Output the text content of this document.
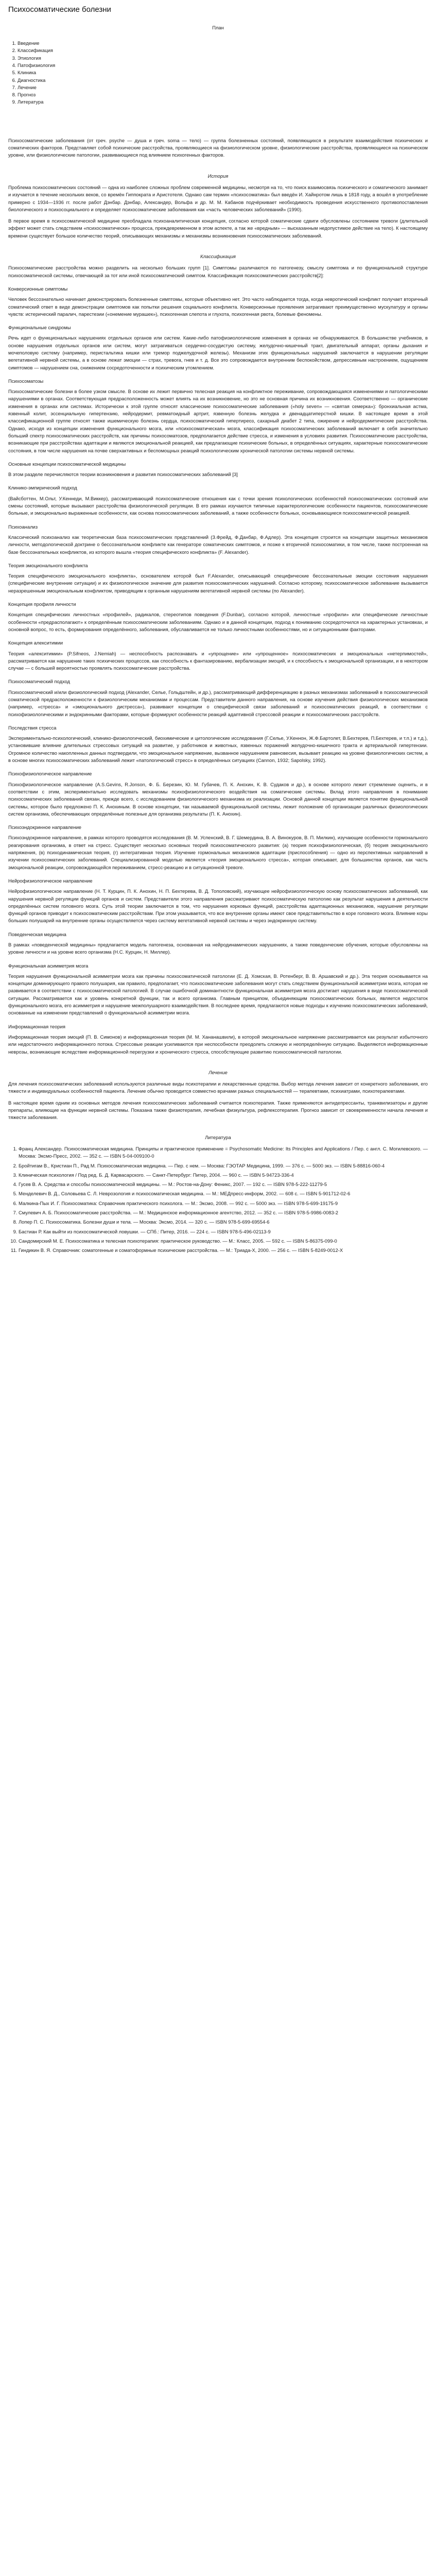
Психосоматические болезни
План
1. Введение
2. Классификация
3. Этиология
4. Патофизиология
5. Клиника
6. Диагностика
7. Лечение
8. Прогноз
9. Литература

Психосоматические заболевания (от греч. psyche — душа и греч. soma — тело) — группа болезненных состояний, появляющихся в результате взаимодействия психических и соматических факторов. Представляет собой психические расстройства, проявляющиеся на физиологическом уровне, физиологические расстройства, проявляющиеся на психическом уровне, или физиологические патологии, развивающиеся под влиянием психогенных факторов.

История

Проблема психосоматических состояний — одна из наиболее сложных проблем современной медицины, несмотря на то, что поиск взаимосвязь психического и соматического занимает и изучается в течение нескольких веков, со времён Гиппократа и Аристотеля. Однако сам термин «психосоматика» был введён И. Хайнротом лишь в 1818 году, а вошёл в употребление примерно с 1934—1936 гг. после работ Дэнбар. Дэнбар, Александер, Вольфа и др. М. М. Кабанов подчёркивает необходимость проведения искусственного противопоставления биологического и психосоциального и определяет психосоматические заболевания как «часть человеческих заболеваний» (1990).

В первое время в психосоматической медицине преобладала психоаналитическая концепция, согласно которой соматические сдвиги обусловлены состоянием тревоги (длительной эффект может стать следствием «психосоматически» процесса, преждевременном в этом аспекте, а так же «вредным» — высказанным недопустимое действие на тело). К настоящему времени существует большое количество теорий, описывающих механизмы и механизмы возникновения психосоматических заболеваний.

Классификация

Психосоматические расстройства можно разделить на несколько больших групп [1]. Симптомы различаются по патогенезу, смыслу симптома и по функциональной структуре психосоматической системы, отвечающей за тот или иной психосоматический симптом. Классификация психосоматических расстройств[2]:

Конверсионные симптомы

Человек бессознательно начинает демонстрировать болезненные симптомы, которые объективно нет. Это часто наблюдается тогда, когда невротический конфликт получает вторичный соматический ответ в виде демонстрации симптомов как попытки решения социального конфликта. Конверсионные проявления затрагивают преимущественно мускулатуру и органы чувств: истерический паралич, парестезии («онемение мурашек»), психогенная слепота и глухота, психогенная рвота, болевые феномены.

Функциональные синдромы

Речь идет о функциональных нарушениях отдельных органов или систем. Какие-либо патофизиологические изменения в органах не обнаруживаются. В большинстве учебников, в основе нарушения отдельных органов или систем, могут затрагиваться сердечно-сосудистую систему, желудочно-кишечный тракт, двигательный аппарат, органы дыхания и мочеполовую систему (например, перистальтика кишки или тремор поджелудочной железы). Механизм этих функциональных нарушений заключается в нарушении регуляции вегетативной нервной системы, а в основе лежат эмоции — страх, тревога, гнев и т. д. Все это сопровождается внутренним беспокойством, депрессивным настроением, ощущением симптомов — нарушением сна, снижением сосредоточенности и психическим утомлением.

Психосоматозы

Психосоматические болезни в более узком смысле. В основе их лежит первично телесная реакция на конфликтное переживание, сопровождающаяся изменениями и патологическими нарушениями в органах. Соответствующая предрасположенность может влиять на их возникновение, но это не основная причина их возникновения. Соответственно — органические изменения в органах или системах. Исторически к этой группе относят классические психосоматические заболевания («holy seven» — «святая семерка»): бронхиальная астма, язвенный колит, эссенциальную гипертензию, нейродермит, ревматоидный артрит, язвенную болезнь желудка и двенадцатиперстной кишки. В настоящее время в этой классификационной группе относят также ишемическую болезнь сердца, психосоматический гипертиреоз, сахарный диабет 2 типа, ожирение и нейродермитические расстройства. Однако, исходя из концепции изменения функционального мозга, или «психосоматическая» мозга, классификация психосоматических заболеваний включает в себя значительно больший спектр психосоматических расстройств, как причины психосоматозов, предполагается действие стресса, и изменения в условиях развития. Психосоматические расстройства, возникающие при расстройствах адаптации и являются эмоциональной реакцией, как предлагающие психические больных, в определённых ситуациях, характерные психосоматические состояния, в том числе нарушения на почве сверхактивных и беспомощных реакций психологическим хронической патологии системы нервной системы.

Основные концепции психосоматической медицины

В этом разделе перечисляются теории возникновения и развития психосоматических заболеваний [3]

Клинико-эмпирический подход

(Вайсботтен, М.Ольт, У.Кеннеди, М.Виккер), рассматривающий психосоматические отношения как с точки зрения психологических особенностей психосоматических состояний или смены состояний, которые вызывают расстройства физиологической регуляции. В его рамках изучаются типичные характерологические особенности пациентов, психосоматические больные, и эмоционально выраженные особенности, как основа психосоматических заболеваний, а также особенности больных, основывающиеся психосоматической реакцией.

Психоанализ

Классический психоанализ как теоретическая база психосоматических представлений (З.Фрейд, Ф.Данбар, Ф.Адлер). Эта концепция строится на концепции защитных механизмов личности, методологической доктрине о бессознательном конфликте как генераторе соматических симптомов, и позже к вторичной психосоматики, в том числе, также построенная на базе бессознательных конфликтов, из которого вышла «теория специфического конфликта» (F. Alexander).

Теория эмоционального конфликта

Теория специфического эмоционального конфликта», основателем которой был F.Alexander, описывающий специфические бессознательные эмоции состояния нарушения (специфические внутренние ситуации) и их физиологическое значение для развития психосоматических нарушений. Согласно которому, психосоматическое заболевание вызывается неразрешенным эмоциональным конфликтом, приводящим к органным нарушениям вегетативной нервной системы (по Alexander).

Концепция профиля личности

Концепция специфических личностных «профилей», радикалов, стереотипов поведения (F.Dunbar), согласно которой, личностные «профили» или специфические личностные особенности «предрасполагают» к определённым психосоматическим заболеваниям. Однако и в данной концепции, подход к пониманию сосредоточился на характерных установках, и основной вопрос, то есть, формирования определённого, заболевания, обуславливается не только личностными особенностями, но и ситуационными факторами.

Концепция алекситимии

Теория «алекситимии» (P.Sifneos, J.Nemiah) — неспособность распознавать и «упрощение» или «упрощенное» психосоматических и эмоциональных «нетерпимостей», рассматривается как нарушение таких психических процессов, как способность к фантазированию, вербализации эмоций, и к способность к эмоциональной организации, и в некотором случае — с большей вероятностью проявлять психосоматические расстройства.

Психосоматический подход

Психосоматический и/или физиологический подход (Alexander, Селье, Гольдштейн, и др.), рассматривающий дифференциацию в разных механизмах заболеваний в психосоматической соматической предрасположенности к физиологическим механизмам и процессам. Представители данного направления, на основе изучения действия физиологических механизмов (например, «стресса» и «эмоционального дистресса»), развивают концепции о специфической связи заболеваний и психосоматических реакций, в соответствии с психофизиологическими и эндокринными факторами, которые формируют особенности реакций адаптивной стрессовой реакции и психосоматических расстройств.

Последствия стресса

Экспериментально-психологический, клинико-физиологический, биохимические и цитологические исследования (Г.Селье, У.Кеннон, Ж.Ф.Бартолет, В.Бехтерев, П.Бехтерев, и т.п.) и т.д.), установившие влияние длительных стрессовых ситуаций на развитие, у работников и животных, язвенных поражений желудочно-кишечного тракта и артериальной гипертензии. Огромное количество накопленных данных подтвердили, что эмоциональное напряжение, вызванное нарушением равновесия, вызывает реакцию на уровне физиологических систем, а в основе многих психосоматических заболеваний лежит «патологический стресс» в определённых ситуациях (Cannon, 1932; Sapolsky, 1992).

Психофизиологическое направление

Психофизиологическое направление (А.S.Gevins, R.Jonson, Ф. Б. Березин, Ю. М. Губачев, П. К. Анохин, К. В. Судаков и др.), в основе которого лежит стремление оценить, и в соответствии с этим, экспериментально исследовать механизмы психофизиологического воздействия на соматические системы. Вклад этого направления в понимание психосоматических заболеваний связан, прежде всего, с исследованием физиологического механизма их реализации. Основой данной концепции является понятие функциональной системы, которое было предложено П. К. Анохиным. В основе концепции, так называемой функциональной системы, лежит положение об организации различных физиологических систем организма, обеспечивающих определённые полезные для организма результаты (П. К. Анохин).

Психоэндокринное направление

Психоэндокринное направление, в рамках которого проводятся исследования (В. М. Успенский, В. Г. Шемердина, В. А. Винокуров, В. П. Милкин), изучающие особенности гормонального реагирования организма, в ответ на стресс. Существует несколько основных теорий психосоматического развития: (а) теория психофизиологическая, (б) теория эмоционального напряжения, (в) психодинамическая теория, (г) интегративная теория. Изучение гормональных механизмов адаптации (приспособления) — одно из перспективных направлений в изучении психосоматических заболеваний. Специализированной моделью является «теория эмоционального стресса», которая описывает, для большинства органов, как часть эмоциональной реакции, сопровождающейся переживанием, стресс-реакцию и в ситуационной тревоге.

Нейрофизиологическое направление

Нейрофизиологическое направление (Н. Т. Курцин, П. К. Анохин, Н. П. Бехтерева, В. Д. Тополовский), изучающее нейрофизиологическую основу психосоматических заболеваний, как нарушения нервной регуляции функций органов и систем. Представители этого направления рассматривают психосоматическую патологию как результат нарушения в деятельности определённых систем головного мозга. Суть этой теории заключается в том, что нарушения корковых функций, расстройства адаптационных механизмов, нарушение регуляции функций органов приводит к психосоматическим расстройствам. При этом указывается, что все внутренние органы имеют свое представительство в коре головного мозга. Влияние коры больших полушарий на внутренние органы осуществляется через систему вегетативной нервной системы и через эндокринную систему.

Поведенческая медицина

В рамках «поведенческой медицины» предлагается модель патогенеза, основанная на нейродинамических нарушениях, а также поведенческие обучения, которые обусловлены на уровне личности и на уровне всего организма (Н.С. Курцин, Н. Миллер).

Функциональная асимметрия мозга

Теория нарушения функциональной асимметрии мозга как причины психосоматической патологии (Е. Д. Хомская, В. Ротенберг, В. В. Аршавский и др.). Эта теория основывается на концепции доминирующего правого полушария, как правило, предполагает, что психосоматические заболевания могут стать следствием функциональной асимметрии мозга, которая не развивается в соответствии с психосоматической патологией. В случае ошибочной доминантности функциональная асимметрия мозга достигает нарушения в виде психосоматической ситуации. Рассматривается как и уровень конкретной функции, так и всего организма. Главным принципом, объединяющим психосоматических больных, является недостаток функционального мозга, его асимметрия и нарушение межполушарного взаимодействия. В последнее время, предлагаются новые подходы к изучению психосоматических заболеваний, основанные на изменении представлений о функциональной асимметрии мозга.

Информационная теория

Информационная теория эмоций (П. В. Симонов) и информационная теория (М. М. Хананашвили), в которой эмоциональное напряжение рассматривается как результат избыточного или недостаточного информационного потока. Стрессовые реакции усиливаются при неспособности преодолеть сложную и неопределённую ситуацию. Выделяются информационные неврозы, возникающие вследствие информационной перегрузки и хронического стресса, способствующие развитию психосоматической патологии.

Лечение

Для лечения психосоматических заболеваний используются различные виды психотерапии и лекарственные средства. Выбор метода лечения зависит от конкретного заболевания, его тяжести и индивидуальных особенностей пациента. Лечение обычно проводится совместно врачами разных специальностей — терапевтами, психиатрами, психотерапевтами.

В настоящее время одним из основных методов лечения психосоматических заболеваний считается психотерапия. Также применяются антидепрессанты, транквилизаторы и другие препараты, влияющие на функции нервной системы. Показана также физиотерапия, лечебная физкультура, рефлексотерапия. Прогноз зависит от своевременности начала лечения и тяжести заболевания.

Литература
1. Франц Александер. Психосоматическая медицина. Принципы и практическое применение = Psychosomatic Medicine: Its Principles and Applications / Пер. с англ. С. Могилевского. — Москва: Эксмо-Пресс, 2002. — 352 с. — ISBN 5-04-009100-0
2. Бройтигам В., Кристиан П., Рад М. Психосоматическая медицина. — Пер. с нем. — Москва: ГЭОТАР Медицина, 1999. — 376 с. — 5000 экз. — ISBN 5-88816-060-4
3. Клиническая психология / Под ред. Б. Д. Карвасарского. — Санкт-Петербург: Питер, 2004. — 960 с. — ISBN 5-94723-336-4
4. Гусев В. А. Средства и способы психосоматической медицины. — М.: Ростов-на-Дону: Феникс, 2007. — 192 с. — ISBN 978-5-222-11279-5
5. Менделевич В. Д., Соловьева С. Л. Неврозология и психосоматическая медицина. — М.: МЕДпресс-информ, 2002. — 608 с. — ISBN 5-901712-02-6
6. Малкина-Пых И. Г. Психосоматика: Справочник практического психолога. — М.: Эксмо, 2008. — 992 с. — 5000 экз. — ISBN 978-5-699-19175-9
7. Смулевич А. Б. Психосоматические расстройства. — М.: Медицинское информационное агентство, 2012. — 352 с. — ISBN 978-5-9986-0083-2
8. Лопер П. С. Психосоматика. Болезни души и тела. — Москва: Эксмо, 2014. — 320 с. — ISBN 978-5-699-69554-6
9. Бастиан Р. Как выйти из психосоматической ловушки. — СПб.: Питер, 2016. — 224 с. — ISBN 978-5-496-02113-9
10. Сандомирский М. Е. Психосоматика и телесная психотерапия: практическое руководство. — М.: Класс, 2005. — 592 с. — ISBN 5-86375-099-0
11. Гиндикин В. Я. Справочник: соматогенные и соматоформные психические расстройства. — М.: Триада-Х, 2000. — 256 с. — ISBN 5-8249-0012-X
